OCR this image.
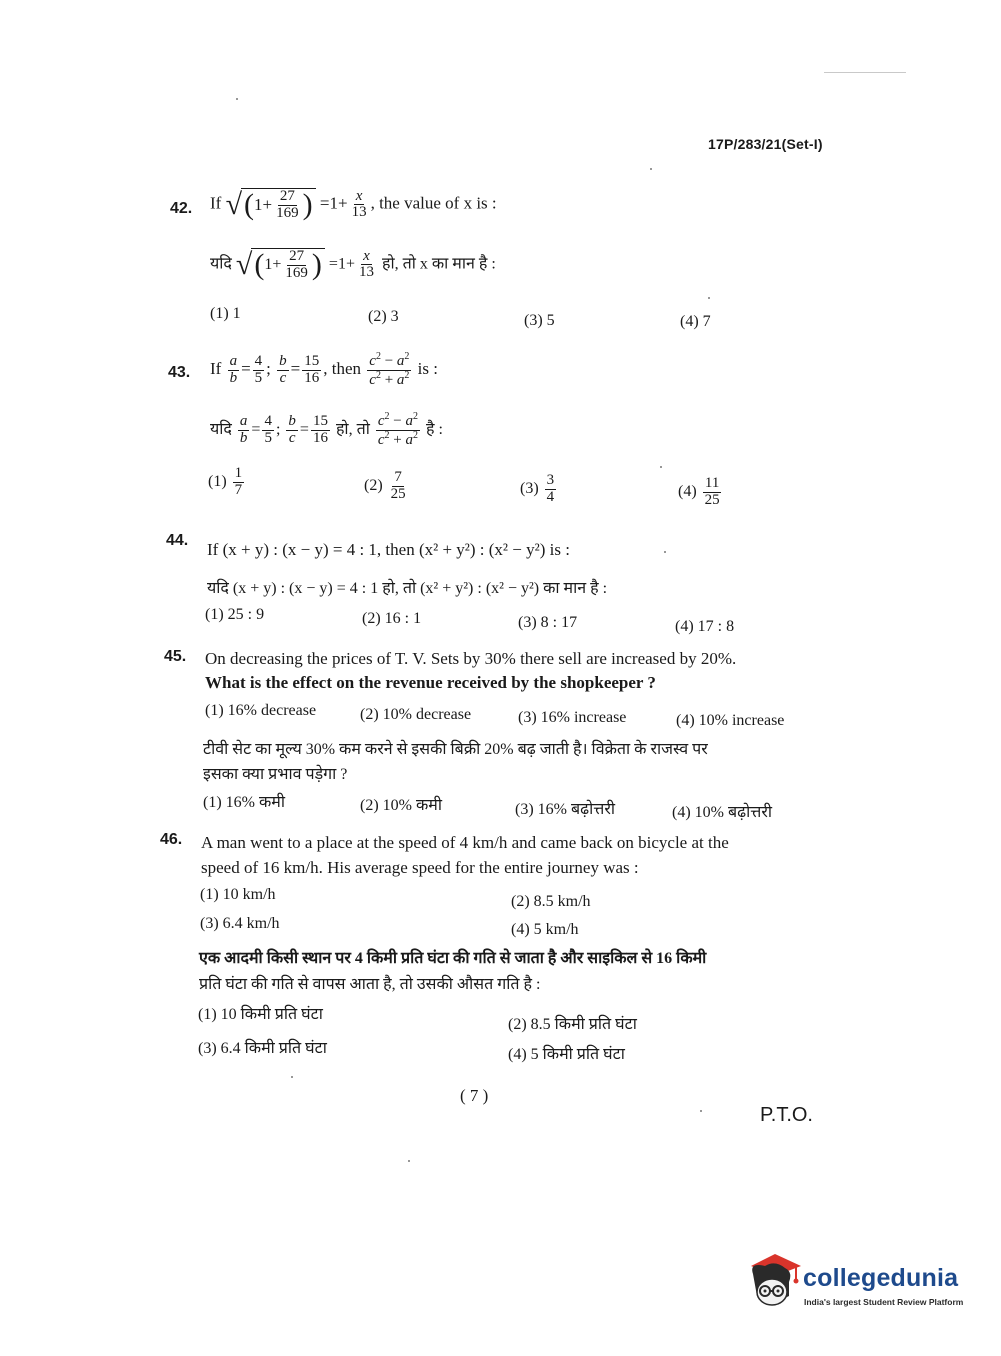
17P/283/21(Set-I)
42. If √ ( $1+ \frac{27}{169}$ ) $=1+ \frac{x}{13}$ , the value of x is :
यदि √ ( $1+ \frac{27}{169}$ ) $=1+ \frac{x}{13}$ हो, तो x का मान है :
(1) 1	(2) 3	(3) 5	(4) 7
43. If $\frac{a}{b} = \frac{4}{5}$ ; $\frac{b}{c} = \frac{15}{16}$ , then $\frac{c^2 - a^2}{c^2 + a^2}$ is :
यदि $\frac{a}{b} = \frac{4}{5}$ ; $\frac{b}{c} = \frac{15}{16}$ हो, तो $\frac{c^2 - a^2}{c^2 + a^2}$ है :
$(1) \frac{1}{7}$	$(2) \frac{7}{25}$	$(3) \frac{3}{4}$	$(4) \frac{11}{25}$
44. If (x + y) : (x − y) = 4 : 1, then (x² + y²) : (x² − y²) is :
यदि (x + y) : (x − y) = 4 : 1 हो, तो (x² + y²) : (x² − y²) का मान है :
(1) 25 : 9	(2) 16 : 1	(3) 8 : 17	(4) 17 : 8
45. On decreasing the prices of T. V. Sets by 30% there sell are increased by 20%.
What is the effect on the revenue received by the shopkeeper ?
(1) 16% decrease	(2) 10% decrease	(3) 16% increase	(4) 10% increase
टीवी सेट का मूल्य 30% कम करने से इसकी बिक्री 20% बढ़ जाती है। विक्रेता के राजस्व पर
इसका क्या प्रभाव पड़ेगा ?
(1) 16% कमी	(2) 10% कमी	(3) 16% बढ़ोत्तरी	(4) 10% बढ़ोत्तरी
46. A man went to a place at the speed of 4 km/h and came back on bicycle at the
speed of 16 km/h. His average speed for the entire journey was :
(1) 10 km/h	(2) 8.5 km/h
(3) 6.4 km/h	(4) 5 km/h
एक आदमी किसी स्थान पर 4 किमी प्रति घंटा की गति से जाता है और साइकिल से 16 किमी
प्रति घंटा की गति से वापस आता है, तो उसकी औसत गति है :
(1) 10 किमी प्रति घंटा
(2) 8.5 किमी प्रति घंटा
(3) 6.4 किमी प्रति घंटा	(4) 5 किमी प्रति घंटा
( 7 )
P.T.O.
collegedunia
India's largest Student Review Platform
